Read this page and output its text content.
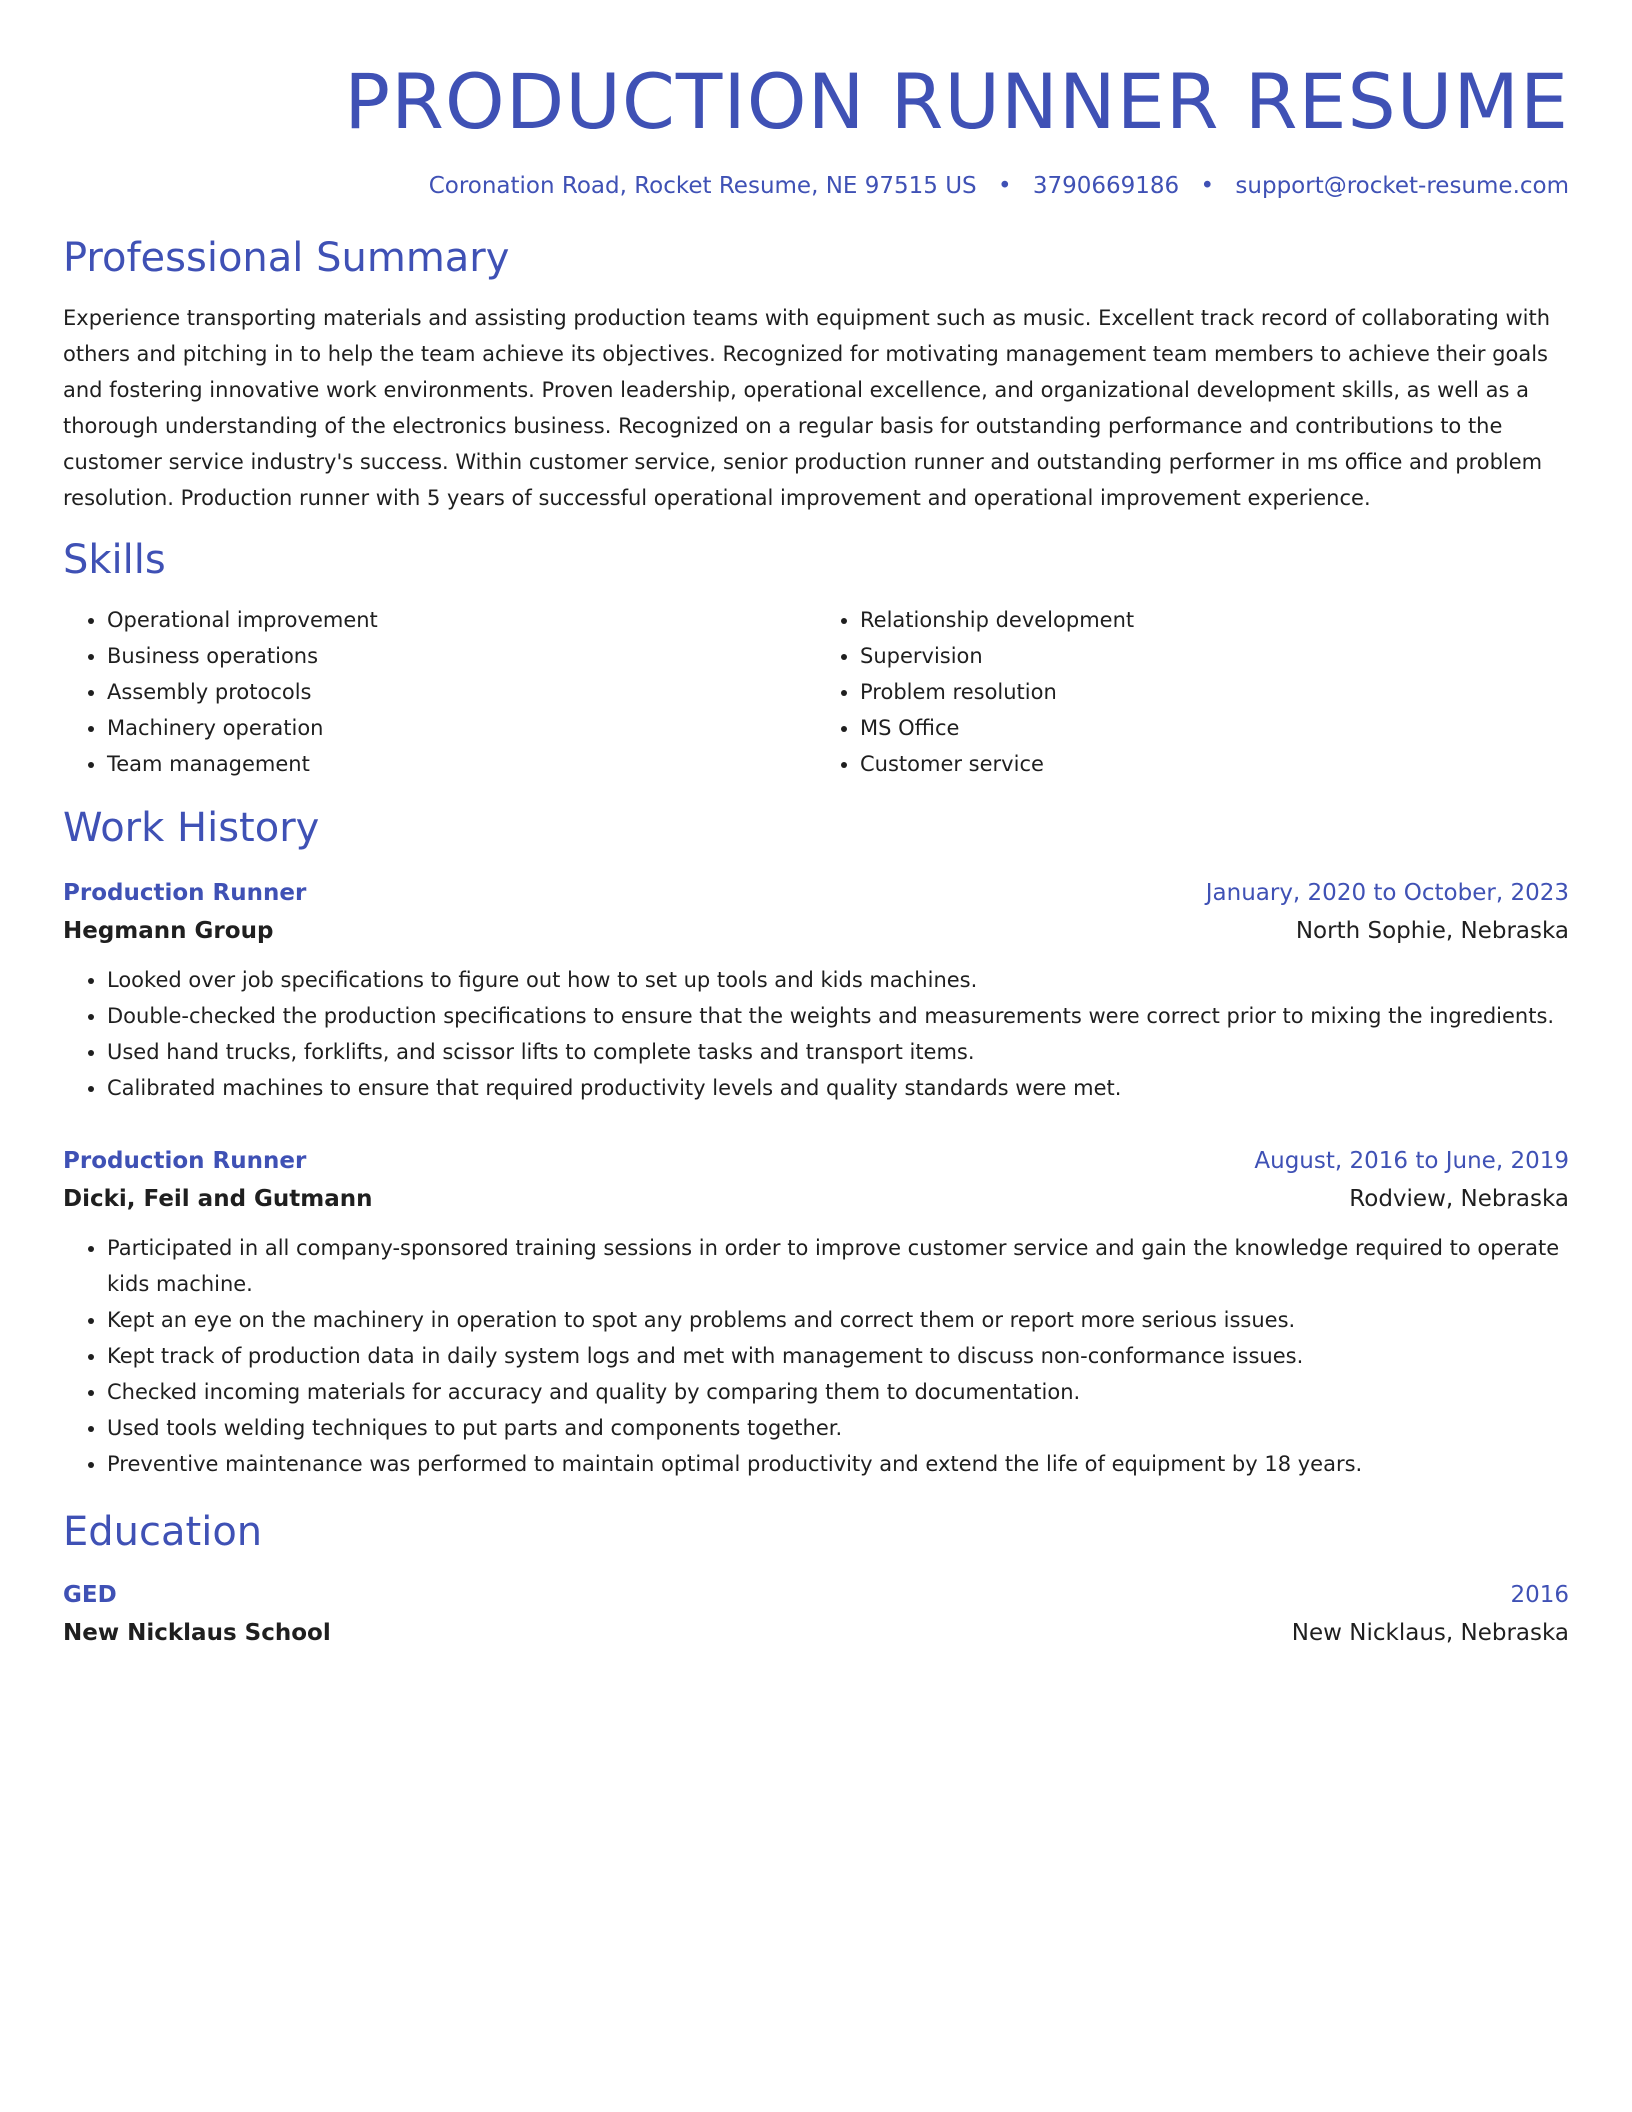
PRODUCTION RUNNER RESUME
Coronation Road, Rocket Resume, NE 97515 US • 3790669186 • support@rocket-resume.com
Professional Summary

Experience transporting materials and assisting production teams with equipment such as music. Excellent track record of collaborating with others and pitching in to help the team achieve its objectives. Recognized for motivating management team members to achieve their goals and fostering innovative work environments. Proven leadership, operational excellence, and organizational development skills, as well as a thorough understanding of the electronics business. Recognized on a regular basis for outstanding performance and contributions to the customer service industry's success. Within customer service, senior production runner and outstanding performer in ms office and problem resolution. Production runner with 5 years of successful operational improvement and operational improvement experience.

Skills
• Operational improvement
• Business operations
• Assembly protocols
• Machinery operation
• Team management
• Relationship development
• Supervision
• Problem resolution
• MS Office
• Customer service
Work History
Production Runner	January, 2020 to October, 2023
Hegmann Group	North Sophie, Nebraska
• Looked over job specifications to figure out how to set up tools and kids machines.
• Double-checked the production specifications to ensure that the weights and measurements were correct prior to mixing the ingredients.
• Used hand trucks, forklifts, and scissor lifts to complete tasks and transport items.
• Calibrated machines to ensure that required productivity levels and quality standards were met.
Production Runner	August, 2016 to June, 2019
Dicki, Feil and Gutmann	Rodview, Nebraska
• Participated in all company-sponsored training sessions in order to improve customer service and gain the knowledge required to operate kids machine.
• Kept an eye on the machinery in operation to spot any problems and correct them or report more serious issues.
• Kept track of production data in daily system logs and met with management to discuss non-conformance issues.
• Checked incoming materials for accuracy and quality by comparing them to documentation.
• Used tools welding techniques to put parts and components together.
• Preventive maintenance was performed to maintain optimal productivity and extend the life of equipment by 18 years.
Education
GED	2016
New Nicklaus School	New Nicklaus, Nebraska
